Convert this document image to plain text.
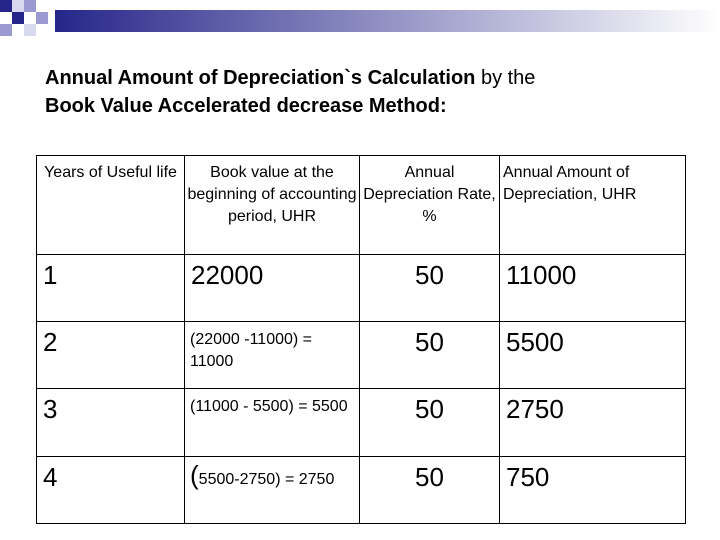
Annual Amount of Depreciation`s Calculation by the
Book Value Accelerated decrease Method:
Years of Useful life	Book value at the beginning of accounting period, UHR	Annual Depreciation Rate, %	Annual Amount of Depreciation, UHR
1	22000	50	11000
2	(22000 -11000) = 11000	50	5500
3	(11000 - 5500) = 5500	50	2750
4	(5500-2750) = 2750	50	750
